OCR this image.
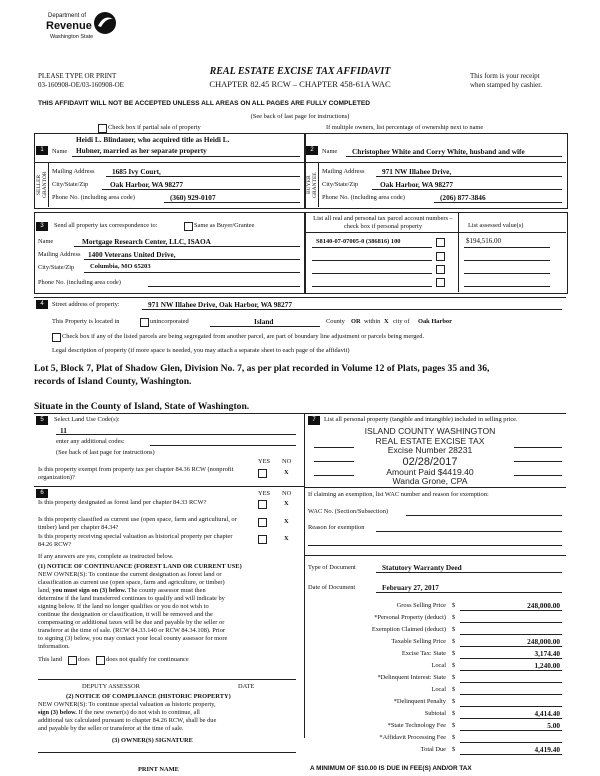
Department of
Revenue
Washington State
PLEASE TYPE OR PRINT
03-160908-OE/03-160908-OE
REAL ESTATE EXCISE TAX AFFIDAVIT
CHAPTER 82.45 RCW – CHAPTER 458-61A WAC
This form is your receipt
when stamped by cashier.
THIS AFFIDAVIT WILL NOT BE ACCEPTED UNLESS ALL AREAS ON ALL PAGES ARE FULLY COMPLETED
(See back of last page for instructions)
Check box if partial sale of property	If multiple owners, list percentage of ownership next to name
SELLER GRANTOR	BUYER GRANTEE
1	Name
Heidi L. Blindauer, who acquired title as Heidi L.
Hubner, married as her separate property
Mailing Address 1685 Ivy Court,
City/State/Zip	Oak Harbor, WA 98277
Phone No. (including area code)	(360) 929-0107
2	Name Christopher White and Corry White, husband and wife
Mailing Address 971 NW Illahee Drive,
City/State/Zip	Oak Harbor, WA 98277
Phone No. (including area code)	(206) 877-3846
3	Send all property tax correspondence to:	Same as Buyer/Grantee
Name	Mortgage Research Center, LLC, ISAOA
Mailing Address 1400 Veterans United Drive,
City/State/Zip Columbia, MO 65203
Phone No. (including area code)
List all real and personal tax parcel account numbers – check box if personal property	List assessed value(s)
S8140-07-07005-0 (386816) 100	$194,516.00
4	Street address of property:	971 NW Illahee Drive, Oak Harbor, WA 98277
This Property is located in	unincorporated	Island	County OR within X city of Oak Harbor
Check box if any of the listed parcels are being segregated from another parcel, are part of boundary line adjustment or parcels being merged.
Legal description of property (if more space is needed, you may attach a separate sheet to each page of the affidavit)
Lot 5, Block 7, Plat of Shadow Glen, Division No. 7, as per plat recorded in Volume 12 of Plats, pages 35 and 36,
records of Island County, Washington.
Situate in the County of Island, State of Washington.
5	Select Land Use Code(s):
11
enter any additional codes:
(See back of last page for instructions)
YES NO
Is this property exempt from property tax per chapter 84.36 RCW (nonprofit organization)?
X
6	YES NO
Is this property designated as forest land per chapter 84.33 RCW?	X
Is this property classified as current use (open space, farm and agricultural, or timber) land per chapter 84.34?
X
Is this property receiving special valuation as historical property per chapter 84.26 RCW?
X
If any answers are yes, complete as instructed below.
(1) NOTICE OF CONTINUANCE (FOREST LAND OR CURRENT USE)
NEW OWNER(S): To continue the current designation as forest land or
classification as current use (open space, farm and agriculture, or timber)
land, you must sign on (3) below. The county assessor must then
determine if the land transferred continues to qualify and will indicate by
signing below. If the land no longer qualifies or you do not wish to
continue the designation or classification, it will be removed and the
compensating or additional taxes will be due and payable by the seller or
transferor at the time of sale. (RCW 84.33.140 or RCW 84.34.108). Prior
to signing (3) below, you may contact your local county assessor for more
information.
This land	does	does not qualify for continuance
DEPUTY ASSESSOR	DATE
(2) NOTICE OF COMPLIANCE (HISTORIC PROPERTY)
NEW OWNER(S): To continue special valuation as historic property,
sign (3) below. If the new owner(s) do not wish to continue, all
additional tax calculated pursuant to chapter 84.26 RCW, shall be due
and payable by the seller or transferor at the time of sale.
(3) OWNER(S) SIGNATURE
PRINT NAME
7	List all personal property (tangible and intangible) included in selling price.
ISLAND COUNTY WASHINGTON
REAL ESTATE EXCISE TAX
Excise Number 28231
02/28/2017
Amount Paid $4419.40
Wanda Grone, CPA
If claiming an exemption, list WAC number and reason for exemption:
WAC No. (Section/Subsection)
Reason for exemption
Type of Document	Statutory Warranty Deed
Date of Document	February 27, 2017
Gross Selling Price $	248,000.00
*Personal Property (deduct) $
Exemption Claimed (deduct) $
Taxable Selling Price $	248,000.00
Excise Tax: State $	3,174.40
Local $	1,240.00
*Delinquent Interest: State $
Local $
*Delinquent Penalty $
Subtotal $	4,414.40
*State Technology Fee $	5.00
*Affidavit Processing Fee $
Total Due $	4,419.40
A MINIMUM OF $10.00 IS DUE IN FEE(S) AND/OR TAX
